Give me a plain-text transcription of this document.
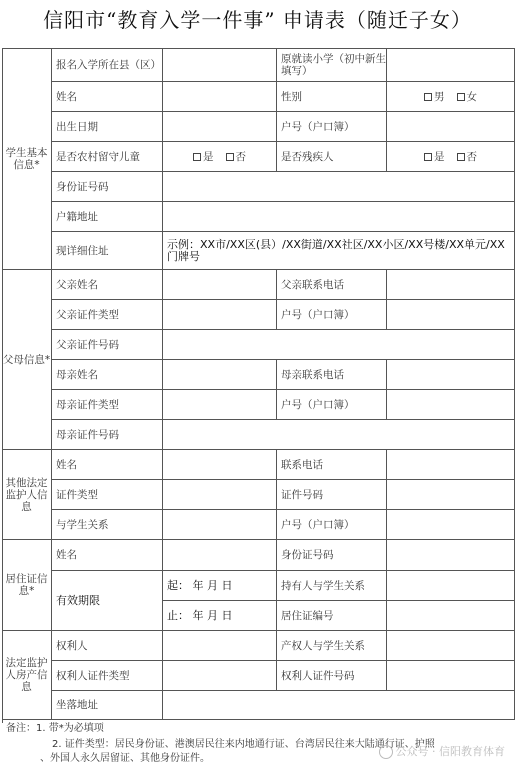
信阳市“教育入学一件事” 申请表（随迁子女）
学生基本信息*
报名入学所在县（区）	原就读小学（初中新生填写）
姓名	性别	男 女
出生日期	户号（户口簿）
是否农村留守儿童	是 否	是否残疾人	是 否
身份证号码
户籍地址
现详细住址	示例：XX市/XX区(县）/XX街道/XX社区/XX小区/XX号楼/XX单元/XX门牌号
父母信息*
父亲姓名	父亲联系电话
父亲证件类型	户号（户口簿）
父亲证件号码
母亲姓名	母亲联系电话
母亲证件类型	户号（户口簿）
母亲证件号码
其他法定监护人信息
姓名	联系电话
证件类型	证件号码
与学生关系	户号（户口簿）
居住证信息*
姓名	身份证号码
有效期限
起： 年 月 日	持有人与学生关系
止： 年 月 日	居住证编号
法定监护人房产信息
权利人	产权人与学生关系
权利人证件类型	权利人证件号码
坐落地址
备注：1. 带*为必填项
2. 证件类型：居民身份证、港澳居民往来内地通行证、台湾居民往来大陆通行证、护照
、外国人永久居留证、其他身份证件。
公众号 · 信阳教育体育
